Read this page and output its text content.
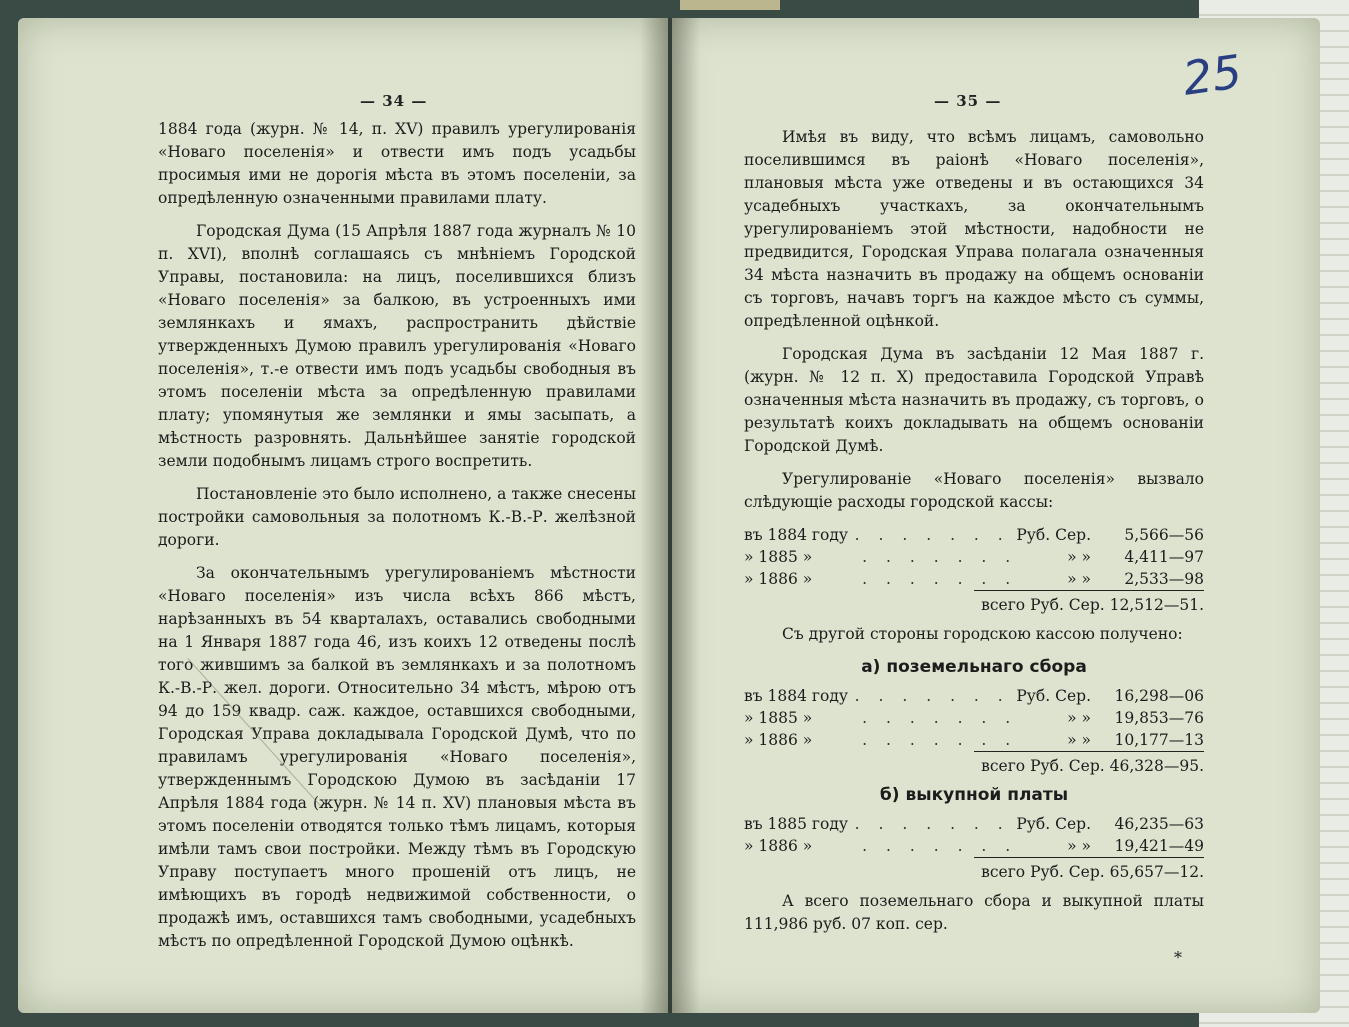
— 34 —

1884 года (журн. № 14, п. XV) правилъ урегулированія «Новаго поселенія» и отвести имъ подъ усадьбы просимыя ими не дорогія мѣста въ этомъ поселеніи, за опредѣленную означенными правилами плату.

Городская Дума (15 Апрѣля 1887 года журналъ № 10 п. XVI), вполнѣ соглашаясь съ мнѣніемъ Городской Управы, постановила: на лицъ, поселившихся близъ «Новаго поселенія» за балкою, въ устроенныхъ ими землянкахъ и ямахъ, распространить дѣйствіе утвержденныхъ Думою правилъ урегулированія «Новаго поселенія», т.-е отвести имъ подъ усадьбы свободныя въ этомъ поселеніи мѣста за опредѣленную правилами плату; упомянутыя же землянки и ямы засыпать, а мѣстность разровнять. Дальнѣйшее занятіе городской земли подобнымъ лицамъ строго воспретить.

Постановленіе это было исполнено, а также снесены постройки самовольныя за полотномъ К.-В.-Р. желѣзной дороги.

За окончательнымъ урегулированіемъ мѣстности «Новаго поселенія» изъ числа всѣхъ 866 мѣстъ, нарѣзанныхъ въ 54 кварталахъ, оставались свободными на 1 Января 1887 года 46, изъ коихъ 12 отведены послѣ того жившимъ за балкой въ землянкахъ и за полотномъ К.-В.-Р. жел. дороги. Относительно 34 мѣстъ, мѣрою отъ 94 до 159 квадр. саж. каждое, оставшихся свободными, Городская Управа докладывала Городской Думѣ, что по правиламъ урегулированія «Новаго поселенія», утвержденнымъ Городскою Думою въ засѣданіи 17 Апрѣля 1884 года (журн. № 14 п. XV) плановыя мѣста въ этомъ поселеніи отводятся только тѣмъ лицамъ, которыя имѣли тамъ свои постройки. Между тѣмъ въ Городскую Управу поступаетъ много прошеній отъ лицъ, не имѣющихъ въ городѣ недвижимой собственности, о продажѣ имъ, оставшихся тамъ свободными, усадебныхъ мѣстъ по опредѣленной Городской Думою оцѣнкѣ.

— 35 —	25

Имѣя въ виду, что всѣмъ лицамъ, самовольно поселившимся въ раіонѣ «Новаго поселенія», плановыя мѣста уже отведены и въ остающихся 34 усадебныхъ участкахъ, за окончательнымъ урегулированіемъ этой мѣстности, надобности не предвидится, Городская Управа полагала означенныя 34 мѣста назначить въ продажу на общемъ основаніи съ торговъ, начавъ торгъ на каждое мѣсто съ суммы, опредѣленной оцѣнкой.

Городская Дума въ засѣданіи 12 Мая 1887 г. (журн. № 12 п. X) предоставила Городской Управѣ означенныя мѣста назначить въ продажу, съ торговъ, о результатѣ коихъ докладывать на общемъ основаніи Городской Думѣ.

Урегулированіе «Новаго поселенія» вызвало слѣдующіе расходы городской кассы:

въ 1884 году . . . . . . . Руб. Сер.	5,566—56
» 1885 »	. . . . . . .	» »	4,411—97
» 1886 »	. . . . . . .	» »	2,533—98
всего Руб. Сер. 12,512—51.

Съ другой стороны городскою кассою получено:

а) поземельнаго сбора
въ 1884 году . . . . . . . Руб. Сер.	16,298—06
» 1885 »	. . . . . . .	» »	19,853—76
» 1886 »	. . . . . . .	» »	10,177—13
всего Руб. Сер. 46,328—95.
б) выкупной платы
въ 1885 году . . . . . . . Руб. Сер.	46,235—63
» 1886 »	. . . . . . .	» »	19,421—49
всего Руб. Сер. 65,657—12.

А всего поземельнаго сбора и выкупной платы 111,986 руб. 07 коп. сер.

*
